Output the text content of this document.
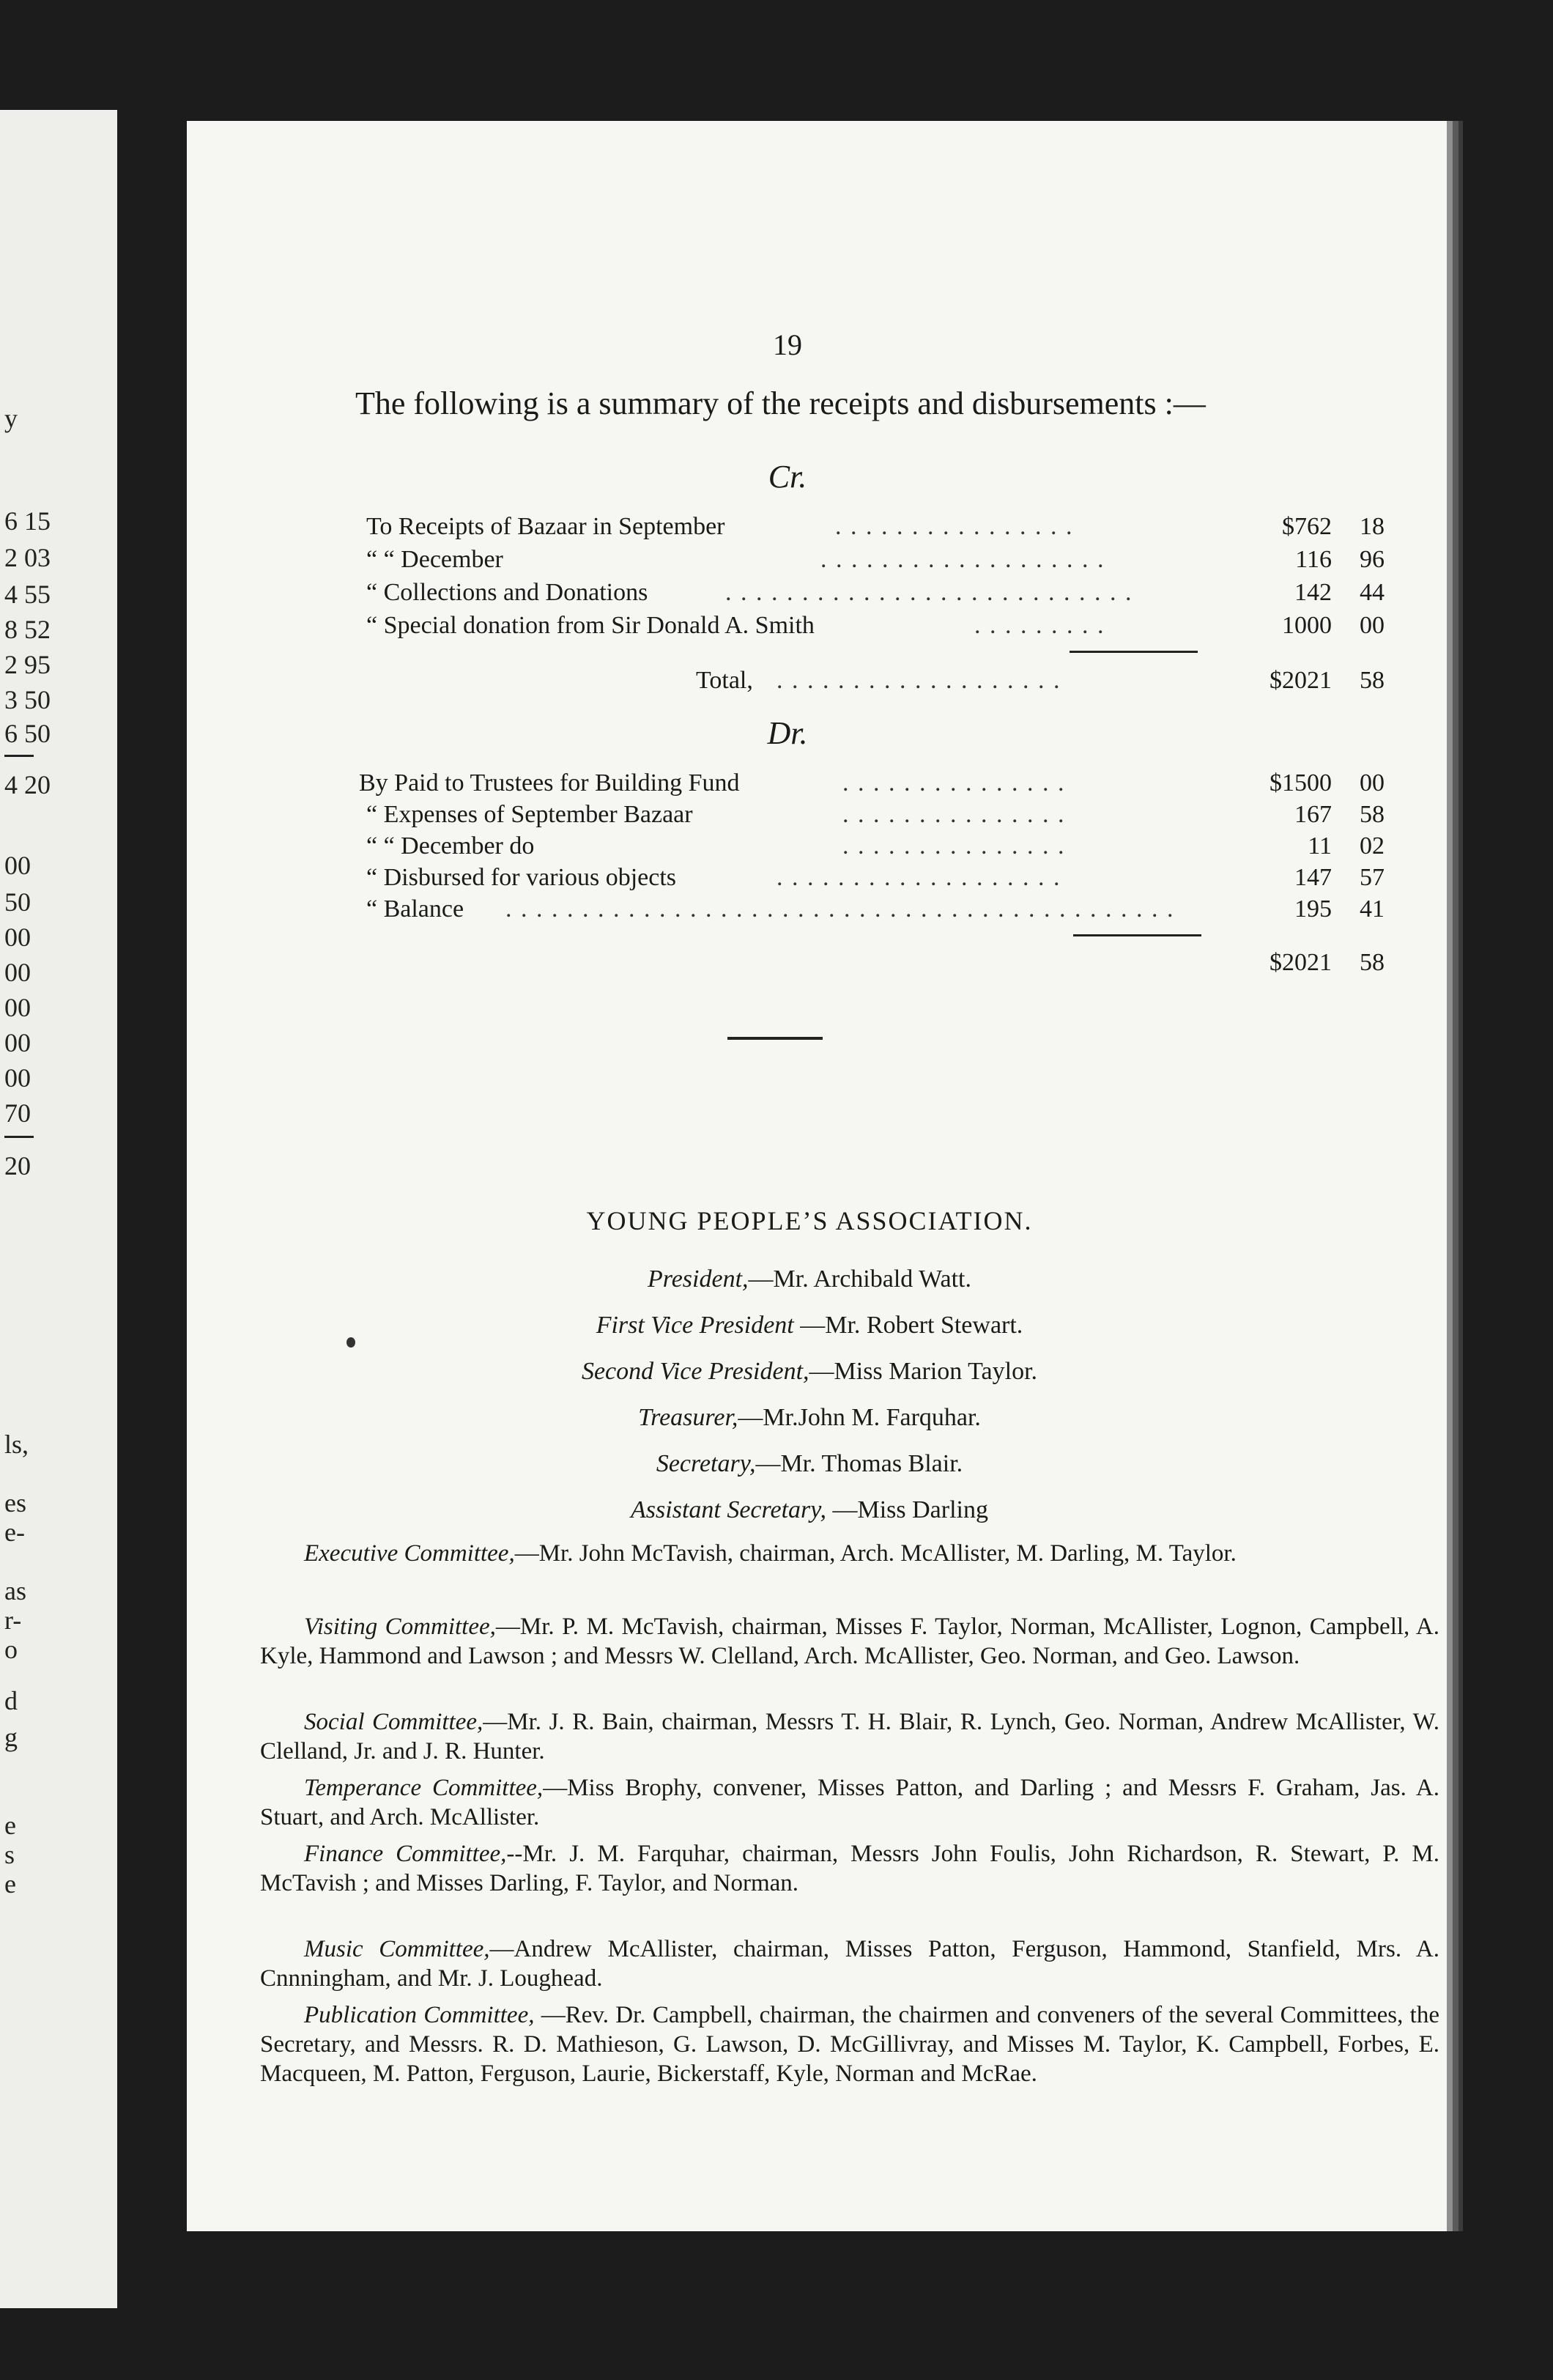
y
6 15
2 03
4 55
8 52
2 95
3 50
6 50
4 20
00
50
00
00
00
00
00
70
20
ls,
es
e-
as
r-
o
d
g
e
s
e
19
The following is a summary of the receipts and disbursements :—
Cr.
To Receipts of Bazaar in September	. . . . . . . . . . . . . . . .	$762	18
“ “ December	. . . . . . . . . . . . . . . . . . .	116	96
“ Collections and Donations	. . . . . . . . . . . . . . . . . . . . . . . . . . .	142	44
“ Special donation from Sir Donald A. Smith	. . . . . . . . .	1000	00
Total, . . . . . . . . . . . . . . . . . . .	$2021	58
Dr.
By Paid to Trustees for Building Fund	. . . . . . . . . . . . . . .	$1500	00
“ Expenses of September Bazaar	. . . . . . . . . . . . . . .	167	58
“ “ December do	. . . . . . . . . . . . . . .	11	02
“ Disbursed for various objects	. . . . . . . . . . . . . . . . . . .	147	57
“ Balance . . . . . . . . . . . . . . . . . . . . . . . . . . . . . . . . . . . . . . . . . . . .	195	41
$2021	58
YOUNG PEOPLE’S ASSOCIATION.
President,—Mr. Archibald Watt.
First Vice President —Mr. Robert Stewart.
Second Vice President,—Miss Marion Taylor.
Treasurer,—Mr.John M. Farquhar.
Secretary,—Mr. Thomas Blair.
Assistant Secretary, —Miss Darling
Executive Committee,—Mr. John McTavish, chairman, Arch. McAllister, M. Darling, M. Taylor.
Visiting Committee,—Mr. P. M. McTavish, chairman, Misses F. Taylor, Norman, McAllister, Lognon, Campbell, A. Kyle, Hammond and Lawson ; and Messrs W. Clelland, Arch. McAllister, Geo. Norman, and Geo. Lawson.
Social Committee,—Mr. J. R. Bain, chairman, Messrs T. H. Blair, R. Lynch, Geo. Norman, Andrew McAllister, W. Clelland, Jr. and J. R. Hunter.
Temperance Committee,—Miss Brophy, convener, Misses Patton, and Darling ; and Messrs F. Graham, Jas. A. Stuart, and Arch. McAllister.
Finance Committee,--Mr. J. M. Farquhar, chairman, Messrs John Foulis, John Richardson, R. Stewart, P. M. McTavish ; and Misses Darling, F. Taylor, and Norman.
Music Committee,—Andrew McAllister, chairman, Misses Patton, Ferguson, Hammond, Stanfield, Mrs. A. Cnnningham, and Mr. J. Loughead.
Publication Committee, —Rev. Dr. Campbell, chairman, the chairmen and conveners of the several Committees, the Secretary, and Messrs. R. D. Mathieson, G. Lawson, D. McGillivray, and Misses M. Taylor, K. Campbell, Forbes, E. Macqueen, M. Patton, Ferguson, Laurie, Bickerstaff, Kyle, Norman and McRae.
